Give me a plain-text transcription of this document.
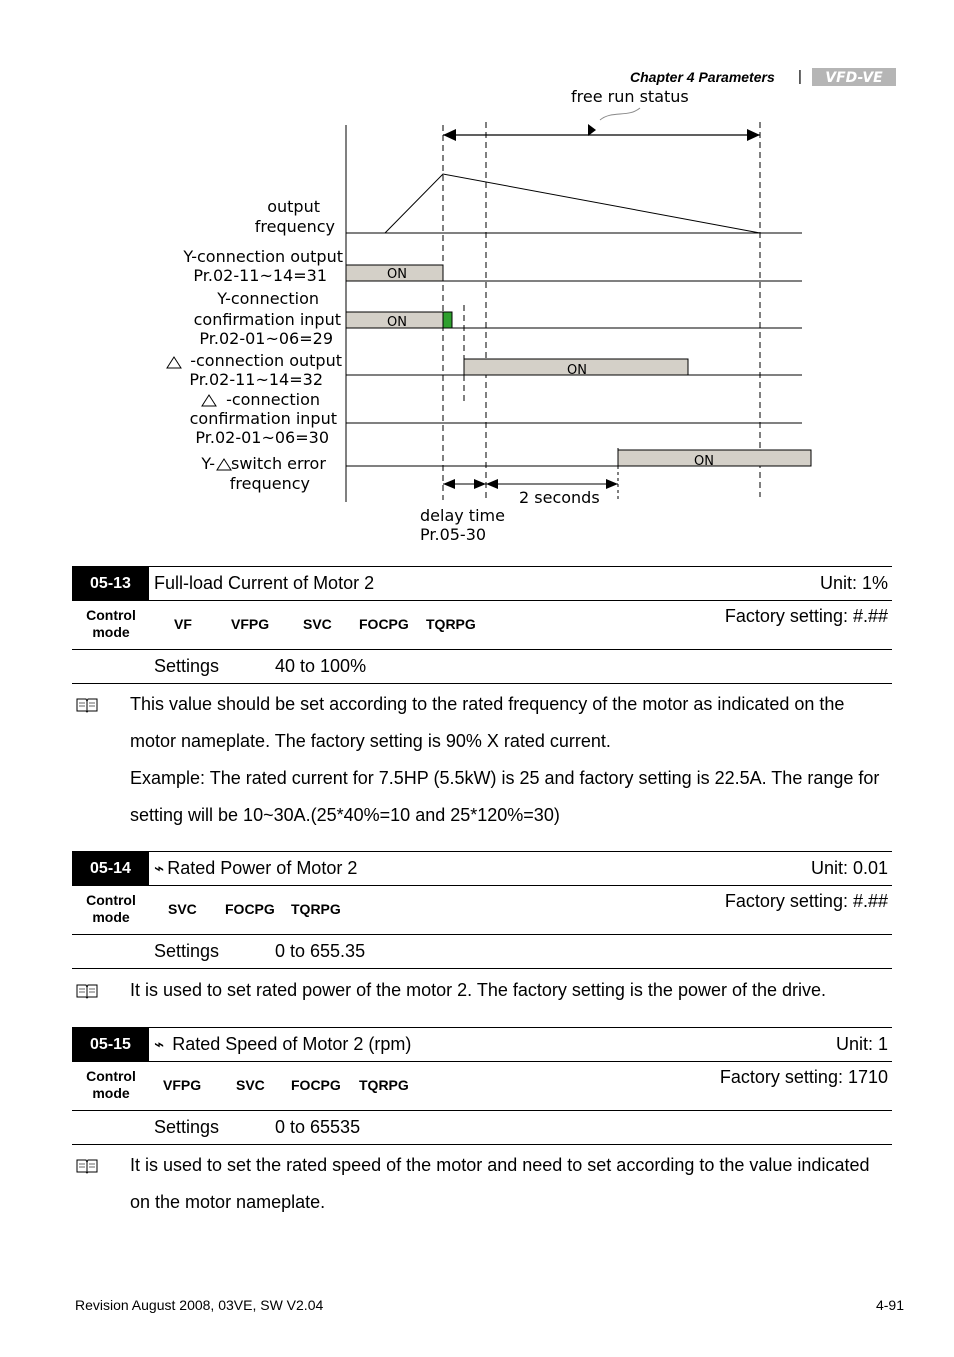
Chapter 4 Parameters | VFD-VE
free run status
ON
ON
ON
ON
output
frequency
Y-connection output
Pr.02-11~14=31
Y-connection
confirmation input
Pr.02-01~06=29
-connection output
Pr.02-11~14=32
-connection
confirmation input
Pr.02-01~06=30
Y- switch error
frequency
2 seconds
delay time
Pr.05-30
05-13	Full-load Current of Motor 2	Unit: 1%
Control
mode	VF	VFPG SVC FOCPG TQRPG	Factory setting: #.##
Settings	40 to 100%
This value should be set according to the rated frequency of the motor as indicated on the
motor nameplate. The factory setting is 90% X rated current.
Example: The rated current for 7.5HP (5.5kW) is 25 and factory setting is 22.5A. The range for
setting will be 10~30A.(25*40%=10 and 25*120%=30)
05-14	⌁ Rated Power of Motor 2	Unit: 0.01
Control
mode	SVC FOCPG TQRPG	Factory setting: #.##
Settings	0 to 655.35
It is used to set rated power of the motor 2. The factory setting is the power of the drive.
05-15	⌁ Rated Speed of Motor 2 (rpm)	Unit: 1
Control
mode	VFPG SVC FOCPG TQRPG	Factory setting: 1710
Settings	0 to 65535
It is used to set the rated speed of the motor and need to set according to the value indicated
on the motor nameplate.
Revision August 2008, 03VE, SW V2.04	4-91
